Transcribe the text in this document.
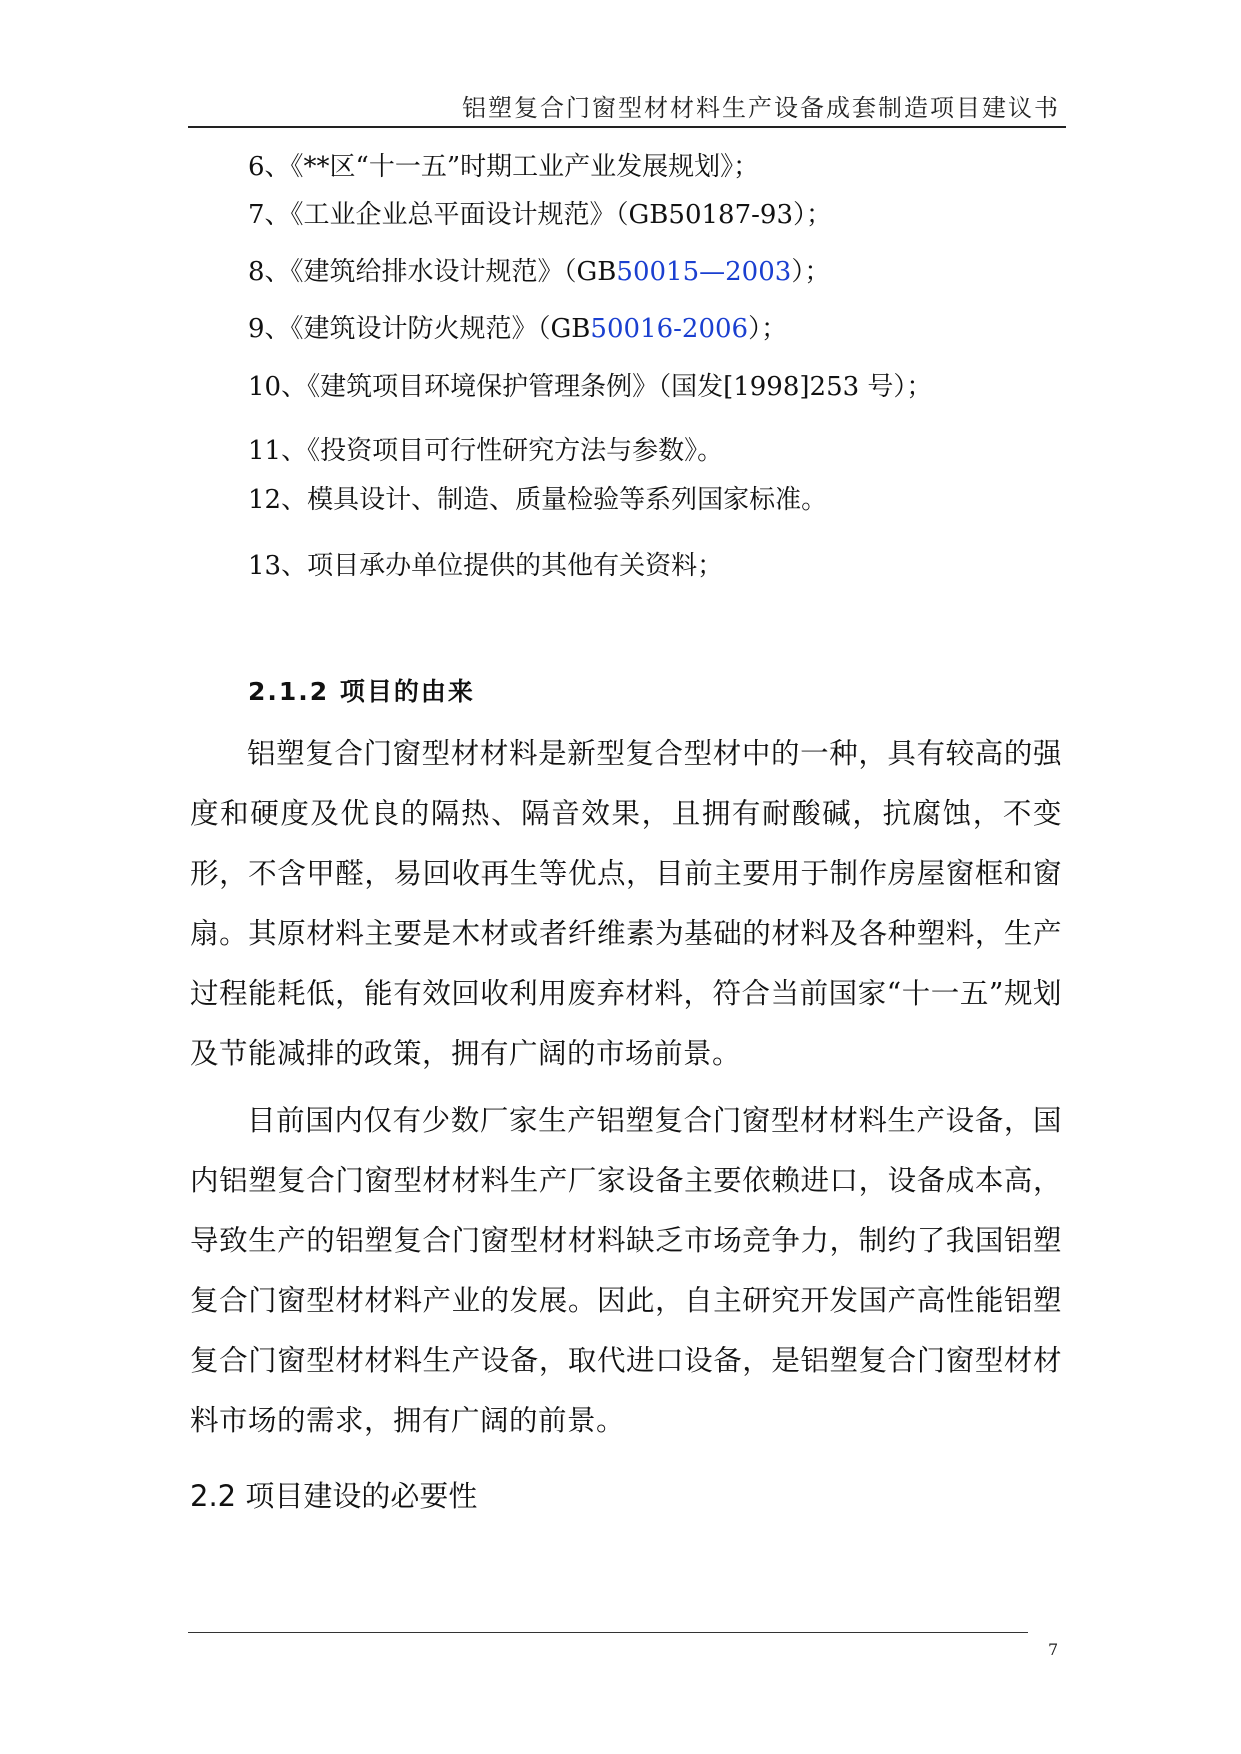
铝塑复合门窗型材材料生产设备成套制造项目建议书
6、《**区“十一五”时期工业产业发展规划》；
7、《工业企业总平面设计规范》（GB50187-93）；
8、《建筑给排水设计规范》（GB50015—2003）；
9、《建筑设计防火规范》（GB50016-2006）；
10、《建筑项目环境保护管理条例》（国发[1998]253 号）；
11、《投资项目可行性研究方法与参数》。
12、模具设计、制造、质量检验等系列国家标准。
13、项目承办单位提供的其他有关资料；
2.1.2 项目的由来

铝塑复合门窗型材材料是新型复合型材中的一种，具有较高的强度和硬度及优良的隔热、隔音效果，且拥有耐酸碱，抗腐蚀，不变形，不含甲醛，易回收再生等优点，目前主要用于制作房屋窗框和窗扇。其原材料主要是木材或者纤维素为基础的材料及各种塑料，生产过程能耗低，能有效回收利用废弃材料，符合当前国家“十一五”规划及节能减排的政策，拥有广阔的市场前景。

目前国内仅有少数厂家生产铝塑复合门窗型材材料生产设备，国内铝塑复合门窗型材材料生产厂家设备主要依赖进口，设备成本高，导致生产的铝塑复合门窗型材材料缺乏市场竞争力，制约了我国铝塑复合门窗型材材料产业的发展。因此，自主研究开发国产高性能铝塑复合门窗型材材料生产设备，取代进口设备，是铝塑复合门窗型材材料市场的需求，拥有广阔的前景。

2.2 项目建设的必要性
7
